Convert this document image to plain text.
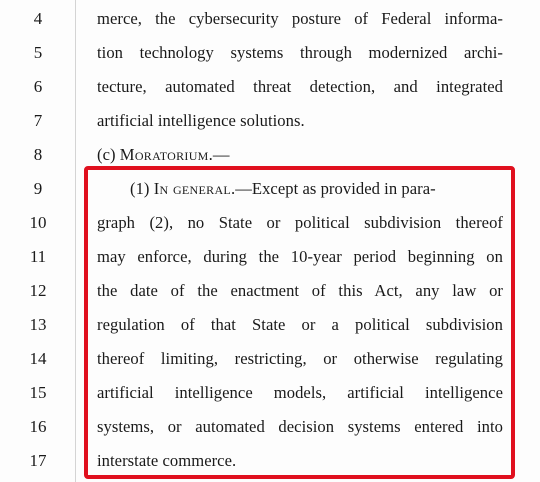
4	merce, the cybersecurity posture of Federal informa-
5	tion technology systems through modernized archi-
6	tecture, automated threat detection, and integrated
7	artificial intelligence solutions.
8	(c) Moratorium.—
9	(1) In general.—Except as provided in para-
10	graph (2), no State or political subdivision thereof
11	may enforce, during the 10-year period beginning on
12	the date of the enactment of this Act, any law or
13	regulation of that State or a political subdivision
14	thereof limiting, restricting, or otherwise regulating
15	artificial intelligence models, artificial intelligence
16	systems, or automated decision systems entered into
17	interstate commerce.
